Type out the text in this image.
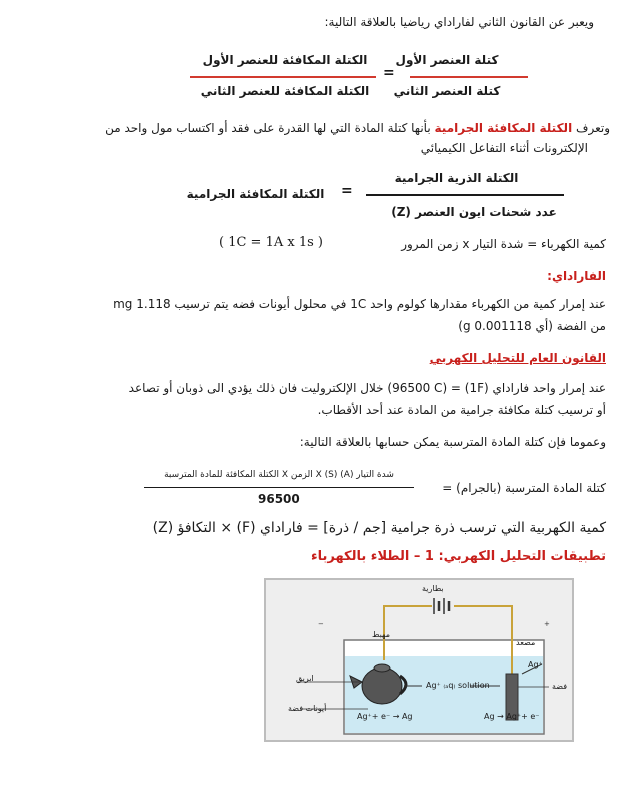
ويعبر عن القانون الثاني لفاراداي رياضيا بالعلاقة التالية:
كتلة العنصر الأول
كتلة العنصر الثاني
=
الكتلة المكافئة للعنصر الأول
الكتلة المكافئة للعنصر الثاني
وتعرف الكتلة المكافئة الجرامية بأنها كتلة المادة التي لها القدرة على فقد أو اكتساب مول واحد من
الإلكترونات أثناء التفاعل الكيميائي
الكتلة الذرية الجرامية
عدد شحنات ايون العنصر (Z)
=
الكتلة المكافئة الجرامية
كمية الكهرباء = شدة التيار x زمن المرور
( 1C = 1A x 1s )
الفاراداي:
عند إمرار كمية من الكهرباء مقدارها كولوم واحد 1C في محلول أيونات فضه يتم ترسيب 1.118 mg
من الفضة (أي 0.001118 g)
القانون العام للتحليل الكهربي
عند إمرار واحد فاراداي (1F) = (96500 C) خلال الإلكتروليت فان ذلك يؤدي الى ذوبان أو تصاعد
أو ترسيب كتلة مكافئة جرامية من المادة عند أحد الأقطاب.
وعموما فإن كتلة المادة المترسبة يمكن حسابها بالعلاقة التالية:
كتلة المادة المترسبة (بالجرام) =
شدة التيار (A) X (S) الزمن X الكتلة المكافئة للمادة المترسبة
96500
كمية الكهربية التي ترسب ذرة جرامية [جم / ذرة] = فاراداي (F) × التكافؤ (Z)
تطبيقات التحليل الكهربي: 1 – الطلاء بالكهرباء
−	+
بطارية
مهبط
مصعد
ابريق
فضة
أيونات فضة
Ag⁺ ₍ₐq₎ solution
Ag⁺
Ag⁺+ e⁻ → Ag	Ag → Ag⁺+ e⁻
